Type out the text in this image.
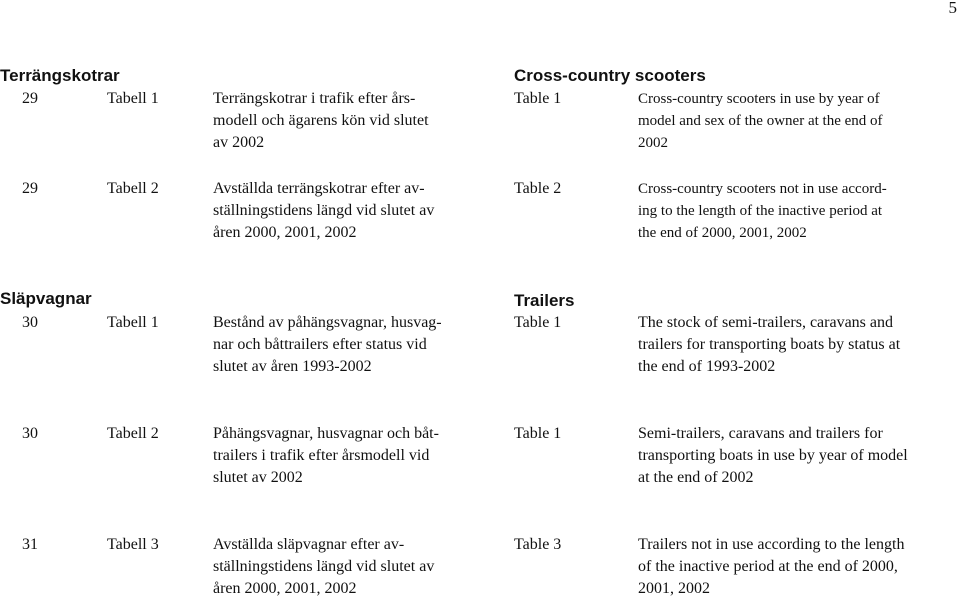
5
Terrängskotrar	Cross-country scooters
29	Tabell 1	Terrängskotrar i trafik efter års-
modell och ägarens kön vid slutet
av 2002
Table 1	Cross-country scooters in use by year of
model and sex of the owner at the end of
2002
29	Tabell 2	Avställda terrängskotrar efter av-
ställningstidens längd vid slutet av
åren 2000, 2001, 2002
Table 2	Cross-country scooters not in use accord-
ing to the length of the inactive period at
the end of 2000, 2001, 2002
Släpvagnar	Trailers
30	Tabell 1	Bestånd av påhängsvagnar, husvag-
nar och båttrailers efter status vid
slutet av åren 1993-2002
Table 1	The stock of semi-trailers, caravans and
trailers for transporting boats by status at
the end of 1993-2002
30	Tabell 2	Påhängsvagnar, husvagnar och båt-
trailers i trafik efter årsmodell vid
slutet av 2002
Table 1	Semi-trailers, caravans and trailers for
transporting boats in use by year of model
at the end of 2002
31	Tabell 3	Avställda släpvagnar efter av-
ställningstidens längd vid slutet av
åren 2000, 2001, 2002
Table 3	Trailers not in use according to the length
of the inactive period at the end of 2000,
2001, 2002
